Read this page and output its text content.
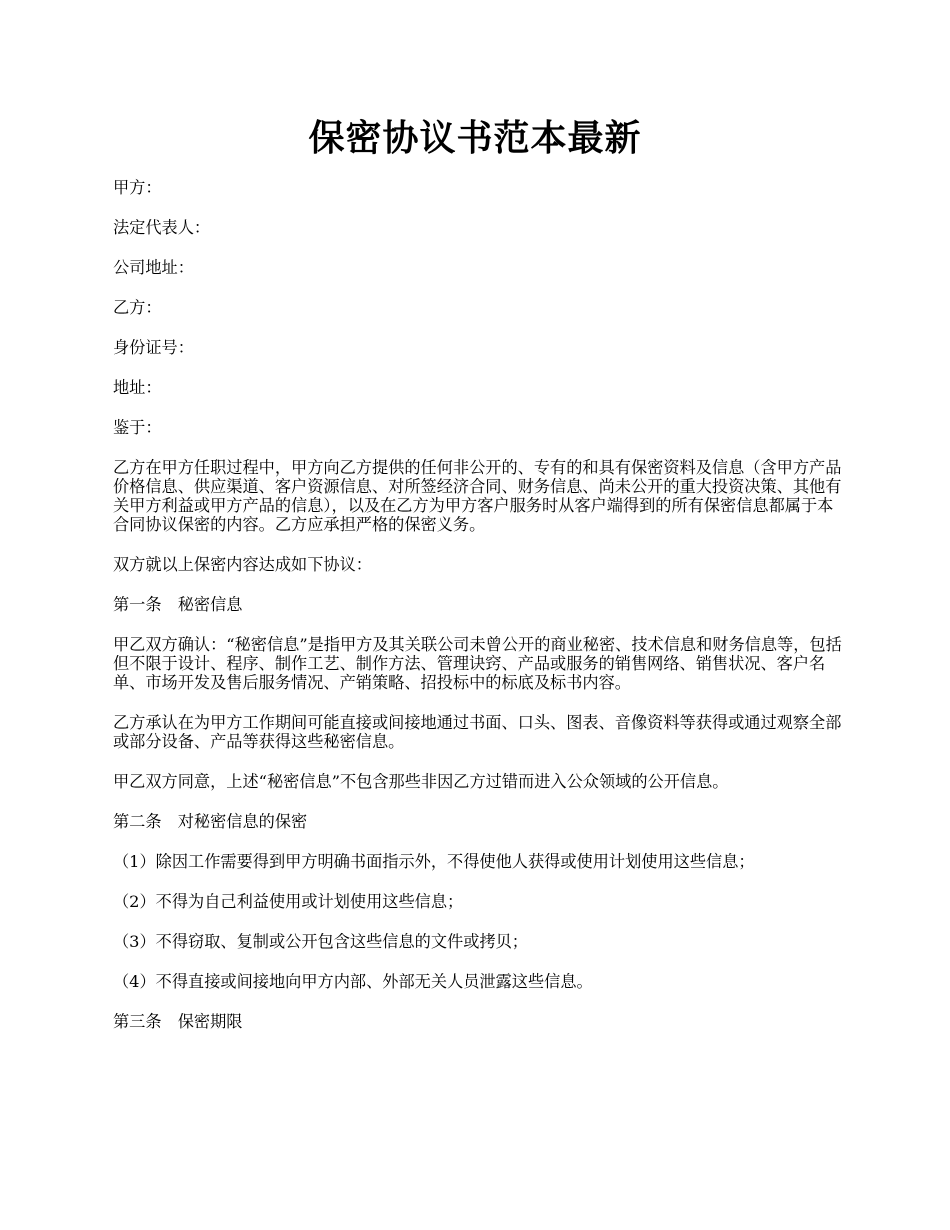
保密协议书范本最新

甲方：

法定代表人：

公司地址：

乙方：

身份证号：

地址：

鉴于：

乙方在甲方任职过程中，甲方向乙方提供的任何非公开的、专有的和具有保密资料及信息（含甲方产品价格信息、供应渠道、客户资源信息、对所签经济合同、财务信息、尚未公开的重大投资决策、其他有关甲方利益或甲方产品的信息），以及在乙方为甲方客户服务时从客户端得到的所有保密信息都属于本合同协议保密的内容。乙方应承担严格的保密义务。

双方就以上保密内容达成如下协议：

第一条　秘密信息

甲乙双方确认：“秘密信息”是指甲方及其关联公司未曾公开的商业秘密、技术信息和财务信息等，包括但不限于设计、程序、制作工艺、制作方法、管理诀窍、产品或服务的销售网络、销售状况、客户名单、市场开发及售后服务情况、产销策略、招投标中的标底及标书内容。

乙方承认在为甲方工作期间可能直接或间接地通过书面、口头、图表、音像资料等获得或通过观察全部或部分设备、产品等获得这些秘密信息。

甲乙双方同意，上述“秘密信息”不包含那些非因乙方过错而进入公众领域的公开信息。

第二条　对秘密信息的保密

（1）除因工作需要得到甲方明确书面指示外，不得使他人获得或使用计划使用这些信息；

（2）不得为自己利益使用或计划使用这些信息；

（3）不得窃取、复制或公开包含这些信息的文件或拷贝；

（4）不得直接或间接地向甲方内部、外部无关人员泄露这些信息。

第三条　保密期限
